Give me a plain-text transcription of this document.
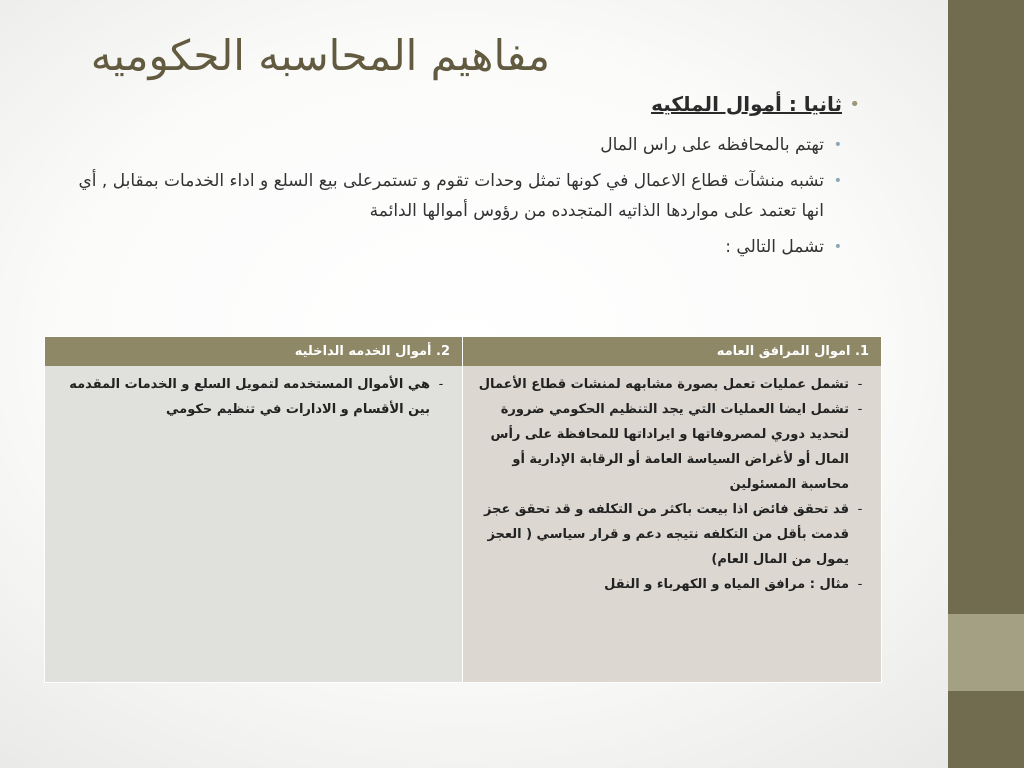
مفاهيم المحاسبه الحكوميه
•
ثانيا : أموال الملكيه
•
تهتم بالمحافظه على راس المال
•
تشبه منشآت قطاع الاعمال في كونها تمثل وحدات تقوم و تستمرعلى بيع السلع و اداء الخدمات بمقابل , أي انها تعتمد على مواردها الذاتيه المتجدده من رؤوس أموالها الدائمة
•
تشمل التالي :
1. اموال المرافق العامه
2. أموال الخدمه الداخليه
-
تشمل عمليات تعمل بصورة مشابهه لمنشات قطاع الأعمال
-
تشمل ايضا العمليات التي يجد التنظيم الحكومي ضرورة لتحديد دوري لمصروفاتها و ايراداتها للمحافظة على رأس المال أو لأغراض السياسة العامة أو الرقابة الإدارية أو محاسبة المسئولين
-
قد تحقق فائض اذا بيعت باكثر من التكلفه و قد تحقق عجز قدمت بأقل من التكلفه نتيجه دعم و قرار سياسي ( العجز يمول من المال العام)
-
مثال : مرافق المياه و الكهرباء و النقل
-
هي الأموال المستخدمه لتمويل السلع و الخدمات المقدمه بين الأقسام و الادارات في تنظيم حكومي
